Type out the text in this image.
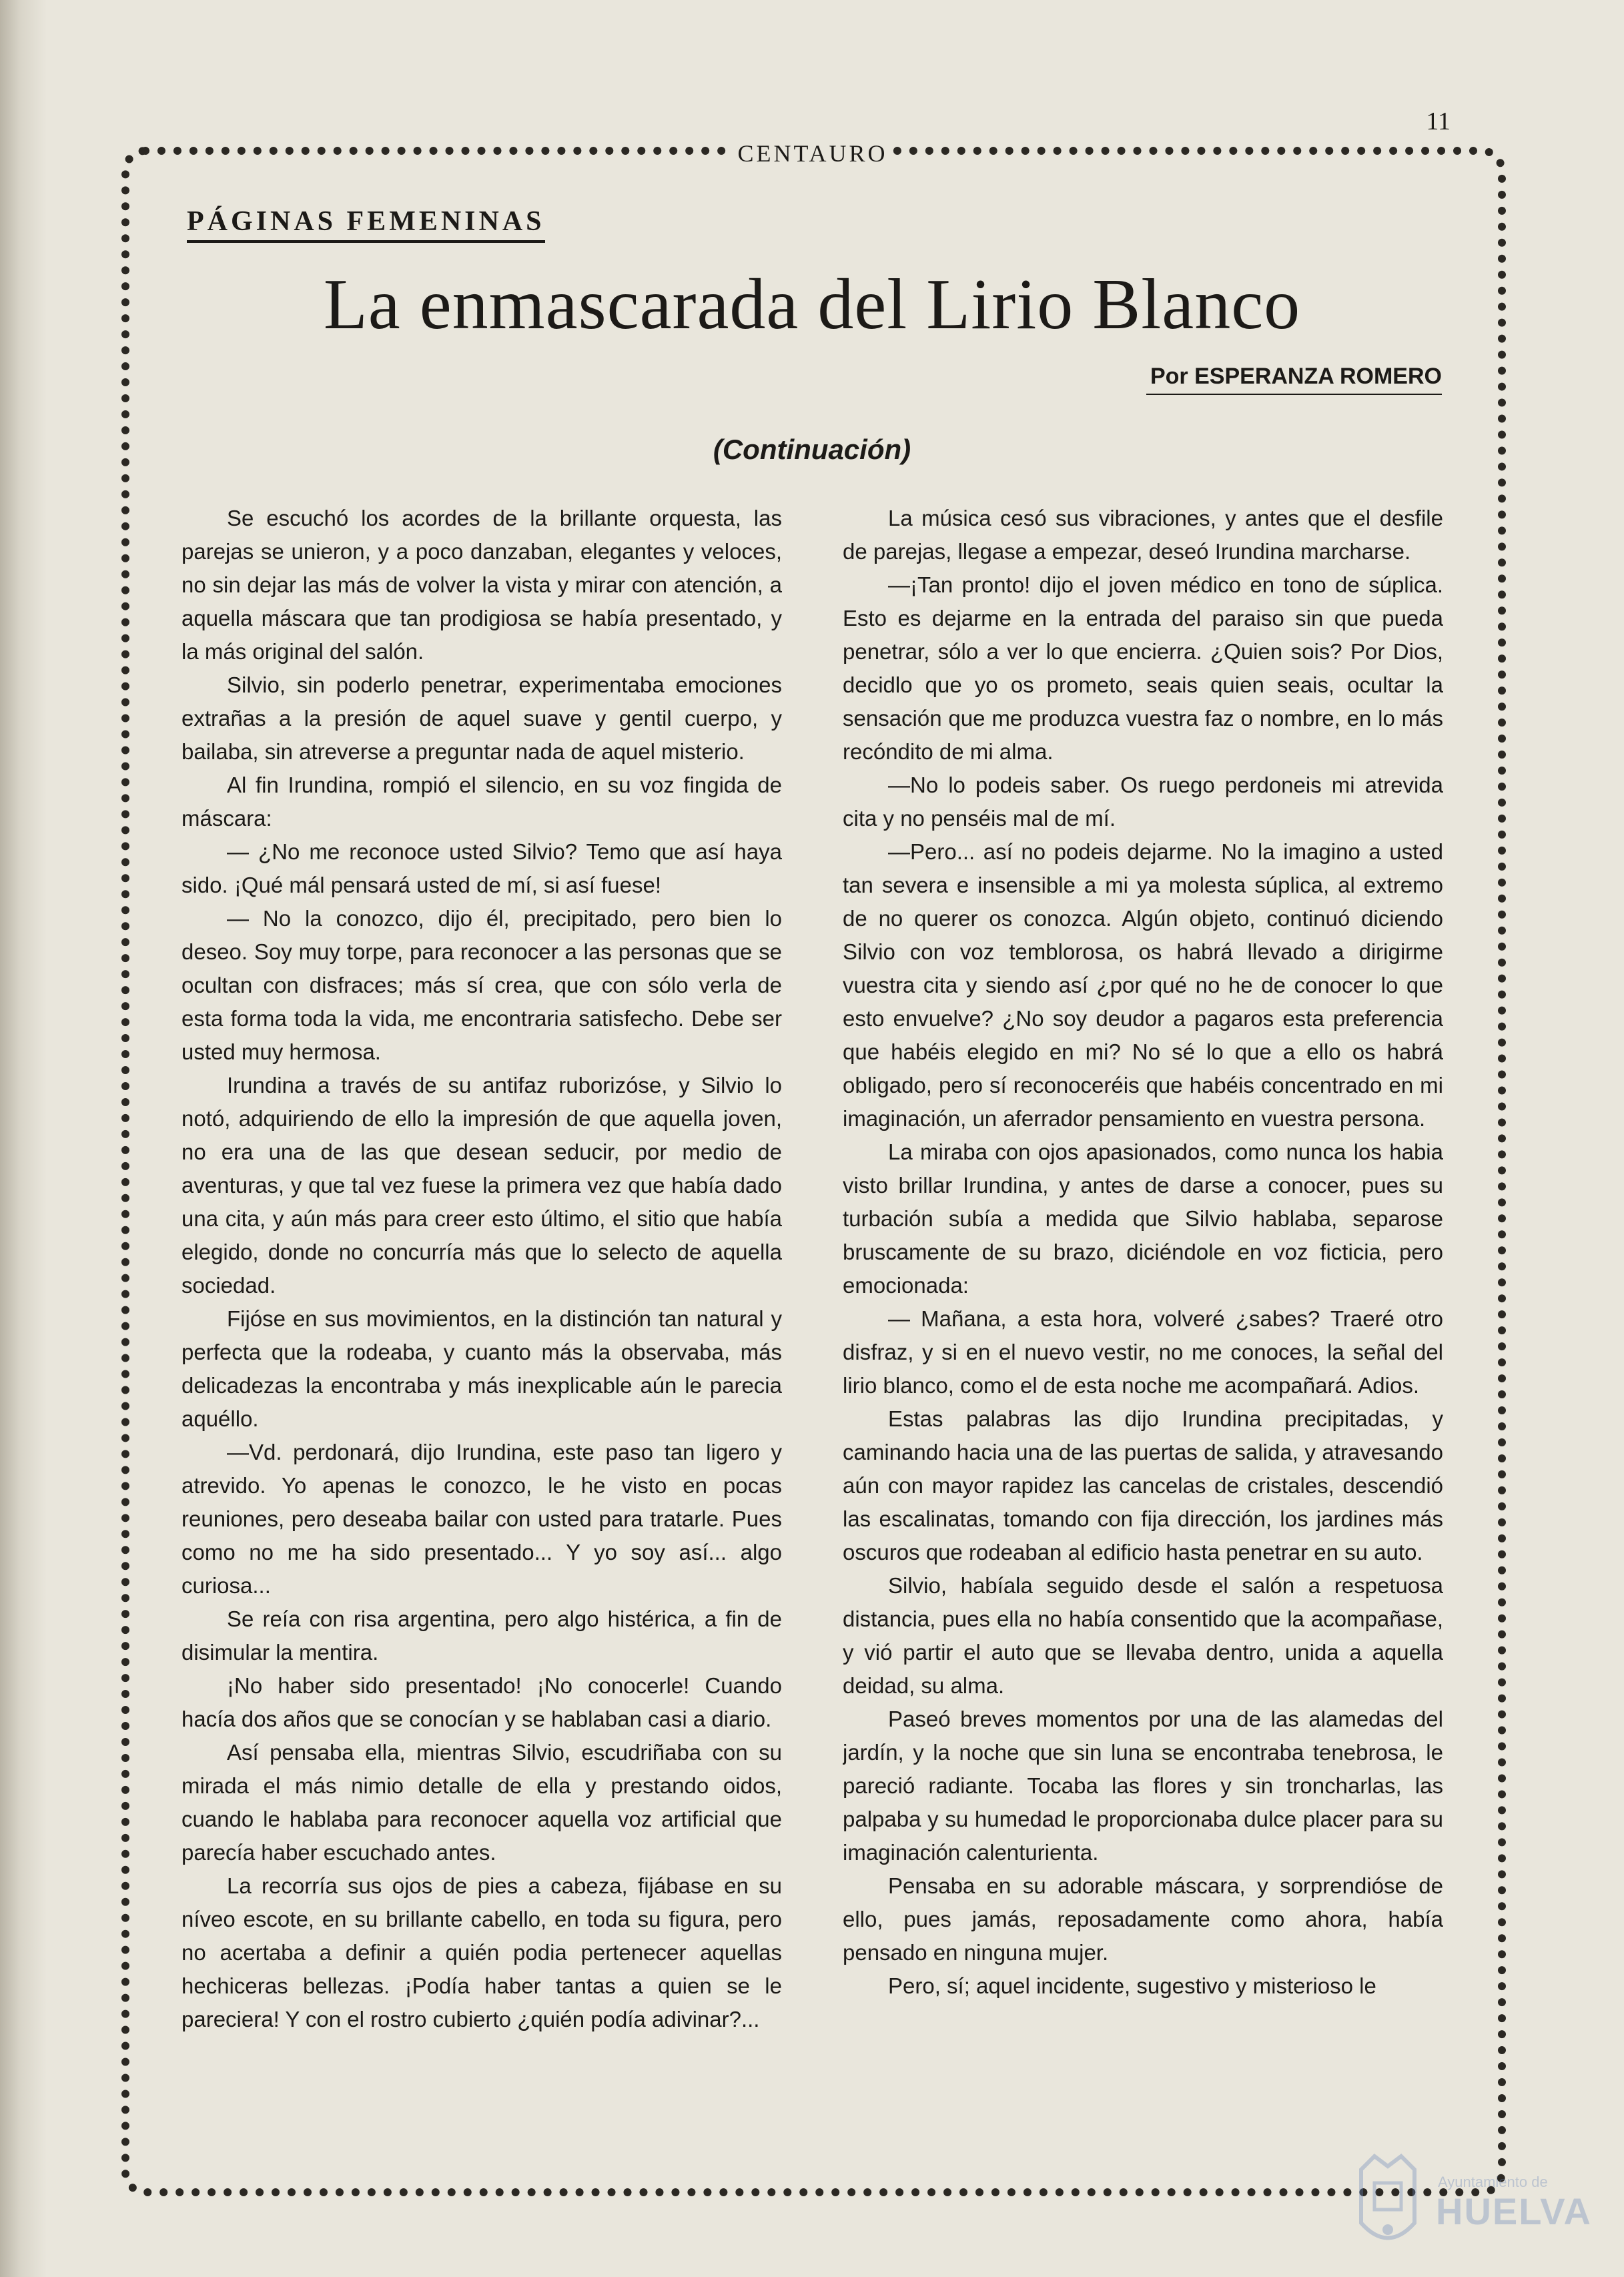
11
CENTAURO
PÁGINAS FEMENINAS
La enmascarada del Lirio Blanco
Por ESPERANZA ROMERO
(Continuación)

Se escuchó los acordes de la brillante orquesta, las parejas se unieron, y a poco danzaban, elegantes y veloces, no sin dejar las más de volver la vista y mirar con atención, a aquella máscara que tan prodigiosa se había presentado, y la más original del salón.

Silvio, sin poderlo penetrar, experimentaba emociones extrañas a la presión de aquel suave y gentil cuerpo, y bailaba, sin atreverse a preguntar nada de aquel misterio.

Al fin Irundina, rompió el silencio, en su voz fingida de máscara:

— ¿No me reconoce usted Silvio? Temo que así haya sido. ¡Qué mál pensará usted de mí, si así fuese!

— No la conozco, dijo él, precipitado, pero bien lo deseo. Soy muy torpe, para reconocer a las personas que se ocultan con disfraces; más sí crea, que con sólo verla de esta forma toda la vida, me encontraria satisfecho. Debe ser usted muy hermosa.

Irundina a través de su antifaz ruborizóse, y Silvio lo notó, adquiriendo de ello la impresión de que aquella joven, no era una de las que desean seducir, por medio de aventuras, y que tal vez fuese la primera vez que había dado una cita, y aún más para creer esto último, el sitio que había elegido, donde no concurría más que lo selecto de aquella sociedad.

Fijóse en sus movimientos, en la distinción tan natural y perfecta que la rodeaba, y cuanto más la observaba, más delicadezas la encontraba y más inexplicable aún le parecia aquéllo.

—Vd. perdonará, dijo Irundina, este paso tan ligero y atrevido. Yo apenas le conozco, le he visto en pocas reuniones, pero deseaba bailar con usted para tratarle. Pues como no me ha sido presentado... Y yo soy así... algo curiosa...

Se reía con risa argentina, pero algo histérica, a fin de disimular la mentira.

¡No haber sido presentado! ¡No conocerle! Cuando hacía dos años que se conocían y se hablaban casi a diario.

Así pensaba ella, mientras Silvio, escudriñaba con su mirada el más nimio detalle de ella y prestando oidos, cuando le hablaba para reconocer aquella voz artificial que parecía haber escuchado antes.

La recorría sus ojos de pies a cabeza, fijábase en su níveo escote, en su brillante cabello, en toda su figura, pero no acertaba a definir a quién podia pertenecer aquellas hechiceras bellezas. ¡Podía haber tantas a quien se le pareciera! Y con el rostro cubierto ¿quién podía adivinar?...

La música cesó sus vibraciones, y antes que el desfile de parejas, llegase a empezar, deseó Irundina marcharse.

—¡Tan pronto! dijo el joven médico en tono de súplica. Esto es dejarme en la entrada del paraiso sin que pueda penetrar, sólo a ver lo que encierra. ¿Quien sois? Por Dios, decidlo que yo os prometo, seais quien seais, ocultar la sensación que me produzca vuestra faz o nombre, en lo más recóndito de mi alma.

—No lo podeis saber. Os ruego perdoneis mi atrevida cita y no penséis mal de mí.

—Pero... así no podeis dejarme. No la imagino a usted tan severa e insensible a mi ya molesta súplica, al extremo de no querer os conozca. Algún objeto, continuó diciendo Silvio con voz temblorosa, os habrá llevado a dirigirme vuestra cita y siendo así ¿por qué no he de conocer lo que esto envuelve? ¿No soy deudor a pagaros esta preferencia que habéis elegido en mi? No sé lo que a ello os habrá obligado, pero sí reconoceréis que habéis concentrado en mi imaginación, un aferrador pensamiento en vuestra persona.

La miraba con ojos apasionados, como nunca los habia visto brillar Irundina, y antes de darse a conocer, pues su turbación subía a medida que Silvio hablaba, separose bruscamente de su brazo, diciéndole en voz ficticia, pero emocionada:

— Mañana, a esta hora, volveré ¿sabes? Traeré otro disfraz, y si en el nuevo vestir, no me conoces, la señal del lirio blanco, como el de esta noche me acompañará. Adios.

Estas palabras las dijo Irundina precipitadas, y caminando hacia una de las puertas de salida, y atravesando aún con mayor rapidez las cancelas de cristales, descendió las escalinatas, tomando con fija dirección, los jardines más oscuros que rodeaban al edificio hasta penetrar en su auto.

Silvio, habíala seguido desde el salón a respetuosa distancia, pues ella no había consentido que la acompañase, y vió partir el auto que se llevaba dentro, unida a aquella deidad, su alma.

Paseó breves momentos por una de las alamedas del jardín, y la noche que sin luna se encontraba tenebrosa, le pareció radiante. Tocaba las flores y sin troncharlas, las palpaba y su humedad le proporcionaba dulce placer para su imaginación calenturienta.

Pensaba en su adorable máscara, y sorprendióse de ello, pues jamás, reposadamente como ahora, había pensado en ninguna mujer.

Pero, sí; aquel incidente, sugestivo y misterioso le

Ayuntamiento de
HUELVA
